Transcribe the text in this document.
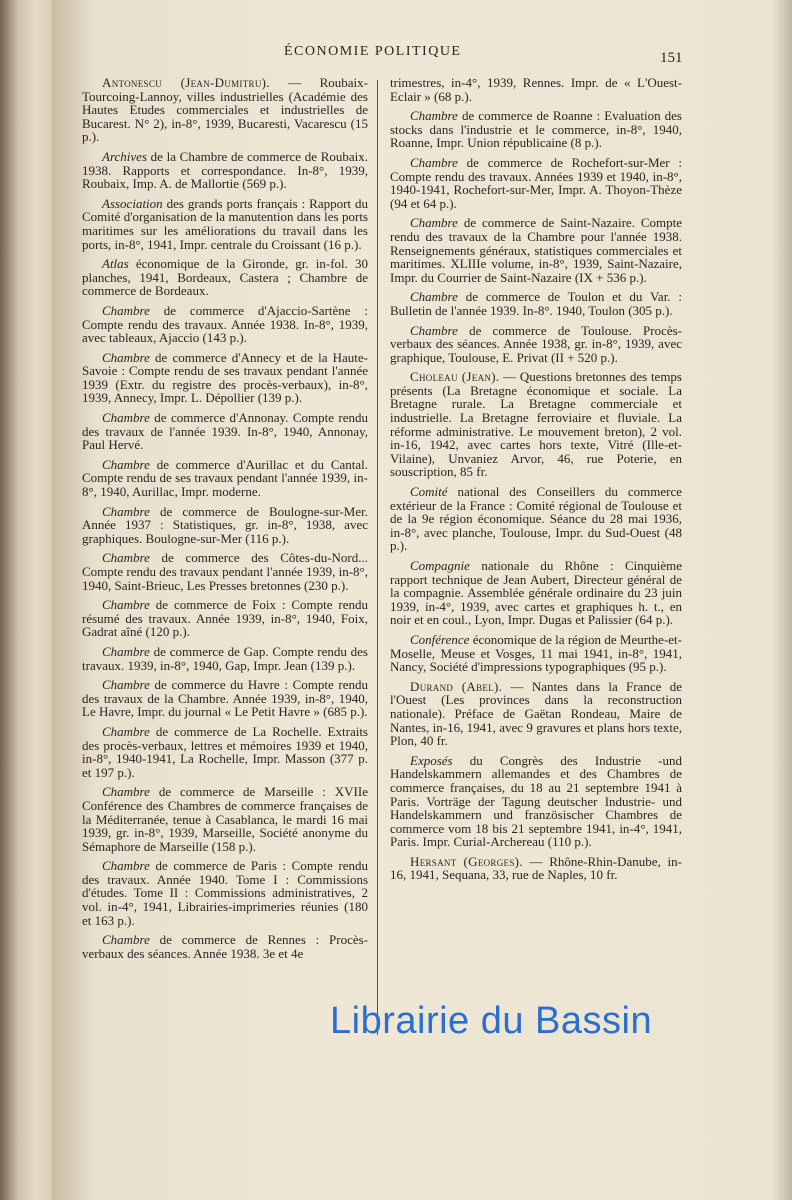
ÉCONOMIE POLITIQUE	151

Antonescu (Jean-Dumitru). — Roubaix-Tourcoing-Lannoy, villes industrielles (Académie des Hautes Etudes commerciales et industrielles de Bucarest. N° 2), in-8°, 1939, Bucaresti, Vacarescu (15 p.).

Archives de la Chambre de commerce de Roubaix. 1938. Rapports et correspondance. In-8°, 1939, Roubaix, Imp. A. de Mallortie (569 p.).

Association des grands ports français : Rapport du Comité d'organisation de la manutention dans les ports maritimes sur les améliorations du travail dans les ports, in-8°, 1941, Impr. centrale du Croissant (16 p.).

Atlas économique de la Gironde, gr. in-fol. 30 planches, 1941, Bordeaux, Castera ; Chambre de commerce de Bordeaux.

Chambre de commerce d'Ajaccio-Sartène : Compte rendu des travaux. Année 1938. In-8°, 1939, avec tableaux, Ajaccio (143 p.).

Chambre de commerce d'Annecy et de la Haute-Savoie : Compte rendu de ses travaux pendant l'année 1939 (Extr. du registre des procès-verbaux), in-8°, 1939, Annecy, Impr. L. Dépollier (139 p.).

Chambre de commerce d'Annonay. Compte rendu des travaux de l'année 1939. In-8°, 1940, Annonay, Paul Hervé.

Chambre de commerce d'Aurillac et du Cantal. Compte rendu de ses travaux pendant l'année 1939, in-8°, 1940, Aurillac, Impr. moderne.

Chambre de commerce de Boulogne-sur-Mer. Année 1937 : Statistiques, gr. in-8°, 1938, avec graphiques. Boulogne-sur-Mer (116 p.).

Chambre de commerce des Côtes-du-Nord... Compte rendu des travaux pendant l'année 1939, in-8°, 1940, Saint-Brieuc, Les Presses bretonnes (230 p.).

Chambre de commerce de Foix : Compte rendu résumé des travaux. Année 1939, in-8°, 1940, Foix, Gadrat aîné (120 p.).

Chambre de commerce de Gap. Compte rendu des travaux. 1939, in-8°, 1940, Gap, Impr. Jean (139 p.).

Chambre de commerce du Havre : Compte rendu des travaux de la Chambre. Année 1939, in-8°, 1940, Le Havre, Impr. du journal « Le Petit Havre » (685 p.).

Chambre de commerce de La Rochelle. Extraits des procès-verbaux, lettres et mémoires 1939 et 1940, in-8°, 1940-1941, La Rochelle, Impr. Masson (377 p. et 197 p.).

Chambre de commerce de Marseille : XVIIe Conférence des Chambres de commerce françaises de la Méditerranée, tenue à Casablanca, le mardi 16 mai 1939, gr. in-8°, 1939, Marseille, Société anonyme du Sémaphore de Marseille (158 p.).

Chambre de commerce de Paris : Compte rendu des travaux. Année 1940. Tome I : Commissions d'études. Tome II : Commissions administratives, 2 vol. in-4°, 1941, Librairies-imprimeries réunies (180 et 163 p.).

Chambre de commerce de Rennes : Procès-verbaux des séances. Année 1938. 3e et 4e

trimestres, in-4°, 1939, Rennes. Impr. de « L'Ouest-Eclair » (68 p.).

Chambre de commerce de Roanne : Evaluation des stocks dans l'industrie et le commerce, in-8°, 1940, Roanne, Impr. Union républicaine (8 p.).

Chambre de commerce de Rochefort-sur-Mer : Compte rendu des travaux. Années 1939 et 1940, in-8°, 1940-1941, Rochefort-sur-Mer, Impr. A. Thoyon-Thèze (94 et 64 p.).

Chambre de commerce de Saint-Nazaire. Compte rendu des travaux de la Chambre pour l'année 1938. Renseignements généraux, statistiques commerciales et maritimes. XLIIIe volume, in-8°, 1939, Saint-Nazaire, Impr. du Courrier de Saint-Nazaire (IX + 536 p.).

Chambre de commerce de Toulon et du Var. : Bulletin de l'année 1939. In-8°. 1940, Toulon (305 p.).

Chambre de commerce de Toulouse. Procès-verbaux des séances. Année 1938, gr. in-8°, 1939, avec graphique, Toulouse, E. Privat (II + 520 p.).

Choleau (Jean). — Questions bretonnes des temps présents (La Bretagne économique et sociale. La Bretagne rurale. La Bretagne commerciale et industrielle. La Bretagne ferroviaire et fluviale. La réforme administrative. Le mouvement breton), 2 vol. in-16, 1942, avec cartes hors texte, Vitré (Ille-et-Vilaine), Unvaniez Arvor, 46, rue Poterie, en souscription, 85 fr.

Comité national des Conseillers du commerce extérieur de la France : Comité régional de Toulouse et de la 9e région économique. Séance du 28 mai 1936, in-8°, avec planche, Toulouse, Impr. du Sud-Ouest (48 p.).

Compagnie nationale du Rhône : Cinquième rapport technique de Jean Aubert, Directeur général de la compagnie. Assemblée générale ordinaire du 23 juin 1939, in-4°, 1939, avec cartes et graphiques h. t., en noir et en coul., Lyon, Impr. Dugas et Palissier (64 p.).

Conférence économique de la région de Meurthe-et-Moselle, Meuse et Vosges, 11 mai 1941, in-8°, 1941, Nancy, Société d'impressions typographiques (95 p.).

Durand (Abel). — Nantes dans la France de l'Ouest (Les provinces dans la reconstruction nationale). Préface de Gaëtan Rondeau, Maire de Nantes, in-16, 1941, avec 9 gravures et plans hors texte, Plon, 40 fr.

Exposés du Congrès des Industrie -und Handelskammern allemandes et des Chambres de commerce françaises, du 18 au 21 septembre 1941 à Paris. Vorträge der Tagung deutscher Industrie- und Handelskammern und französischer Chambres de commerce vom 18 bis 21 septembre 1941, in-4°, 1941, Paris. Impr. Curial-Archereau (110 p.).

Hersant (Georges). — Rhône-Rhin-Danube, in-16, 1941, Sequana, 33, rue de Naples, 10 fr.

Librairie du Bassin
